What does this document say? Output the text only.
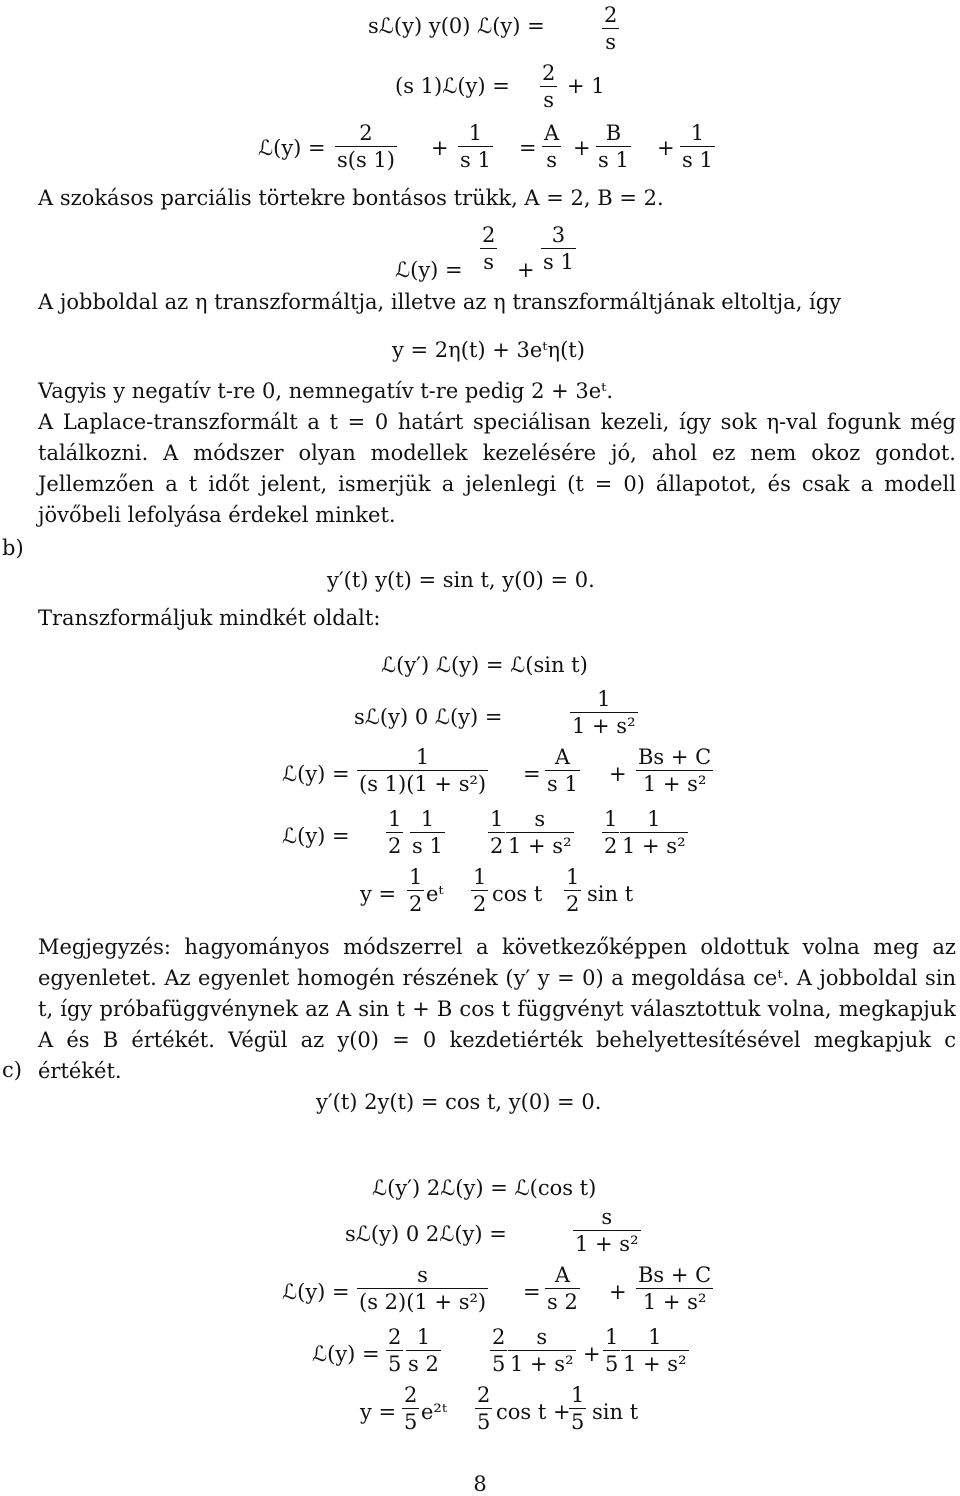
sℒ(y) y(0) ℒ(y) =	$\frac{2}{s}$
(s 1)ℒ(y) = $\frac{2}{s} + 1$
ℒ(y) = $\frac{2}{s(s 1)} + \frac{1}{s 1} = \frac{A}{s} + \frac{B}{s 1} + \frac{1}{s 1}$
A szokásos parciális törtekre bontásos trükk, A = 2, B = 2.
ℒ(y) = $\frac{2}{s} + \frac{3}{s 1}$
A jobboldal az η transzformáltja, illetve az η transzformáltjának eltoltja, így
y = 2η(t) + 3eᵗη(t)
Vagyis y negatív t-re 0, nemnegatív t-re pedig 2 + 3eᵗ.
A Laplace-transzformált a t = 0 határt speciálisan kezeli, így sok η-val fogunk még találkozni. A módszer olyan modellek kezelésére jó, ahol ez nem okoz gondot. Jellemzően a t időt jelent, ismerjük a jelenlegi (t = 0) állapotot, és csak a modell jövőbeli lefolyása érdekel minket.
b)
y′(t) y(t) = sin t, y(0) = 0.
Transzformáljuk mindkét oldalt:
ℒ(y′) ℒ(y) = ℒ(sin t)
sℒ(y) 0 ℒ(y) =	$\frac{1}{\text{1 + s²}}$
ℒ(y) = $\frac{1}{\text{(s 1)(1 + s²)}} = \frac{A}{s 1} + \frac{Bs + C}{\text{1 + s²}}$
ℒ(y) = $\frac{1}{2} \frac{1}{s 1} \frac{1}{2} \frac{s}{\text{1 + s²}} \frac{1}{2} \frac{1}{\text{1 + s²}}$
$y = \frac{1}{2}$ eᵗ $\frac{1}{2}$ cos t $\frac{1}{2}$ sin t
Megjegyzés: hagyományos módszerrel a következőképpen oldottuk volna meg az egyenletet. Az egyenlet homogén részének (y′ y = 0) a megoldása ceᵗ. A jobboldal sin t, így próbafüggvénynek az A sin t + B cos t függvényt választottuk volna, megkapjuk A és B értékét. Végül az y(0) = 0 kezdetiérték behelyettesítésével megkapjuk c értékét.
c)
y′(t) 2y(t) = cos t, y(0) = 0.
ℒ(y′) 2ℒ(y) = ℒ(cos t)
sℒ(y) 0 2ℒ(y) =	$\frac{s}{\text{1 + s²}}$
ℒ(y) = $\frac{s}{\text{(s 2)(1 + s²)}} = \frac{A}{s 2} + \frac{Bs + C}{\text{1 + s²}}$
ℒ(y) = $\frac{2}{5} \frac{1}{s 2} \frac{2}{5} \frac{s}{\text{1 + s²}} + \frac{1}{5} \frac{1}{\text{1 + s²}}$
$y = \frac{2}{5}$ e²ᵗ $\frac{2}{5}$ cos t +
$\frac{1}{5}$ sin t
8
